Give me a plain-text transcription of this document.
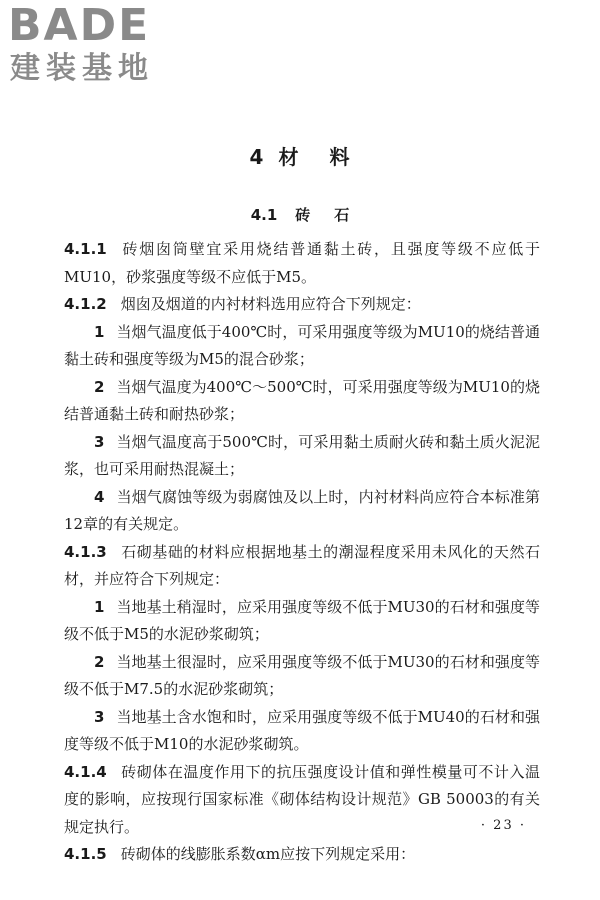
BADE
建装基地
4 材 料
4.1 砖 石

4.1.1 砖烟囱筒壁宜采用烧结普通黏土砖，且强度等级不应低于MU10，砂浆强度等级不应低于M5。

4.1.2 烟囱及烟道的内衬材料选用应符合下列规定：

1 当烟气温度低于400℃时，可采用强度等级为MU10的烧结普通黏土砖和强度等级为M5的混合砂浆；

2 当烟气温度为400℃～500℃时，可采用强度等级为MU10的烧结普通黏土砖和耐热砂浆；

3 当烟气温度高于500℃时，可采用黏土质耐火砖和黏土质火泥泥浆，也可采用耐热混凝土；

4 当烟气腐蚀等级为弱腐蚀及以上时，内衬材料尚应符合本标准第12章的有关规定。

4.1.3 石砌基础的材料应根据地基土的潮湿程度采用未风化的天然石材，并应符合下列规定：

1 当地基土稍湿时，应采用强度等级不低于MU30的石材和强度等级不低于M5的水泥砂浆砌筑；

2 当地基土很湿时，应采用强度等级不低于MU30的石材和强度等级不低于M7.5的水泥砂浆砌筑；

3 当地基土含水饱和时，应采用强度等级不低于MU40的石材和强度等级不低于M10的水泥砂浆砌筑。

4.1.4 砖砌体在温度作用下的抗压强度设计值和弹性模量可不计入温度的影响，应按现行国家标准《砌体结构设计规范》GB 50003的有关规定执行。

4.1.5 砖砌体的线膨胀系数αm应按下列规定采用：

· 23 ·
